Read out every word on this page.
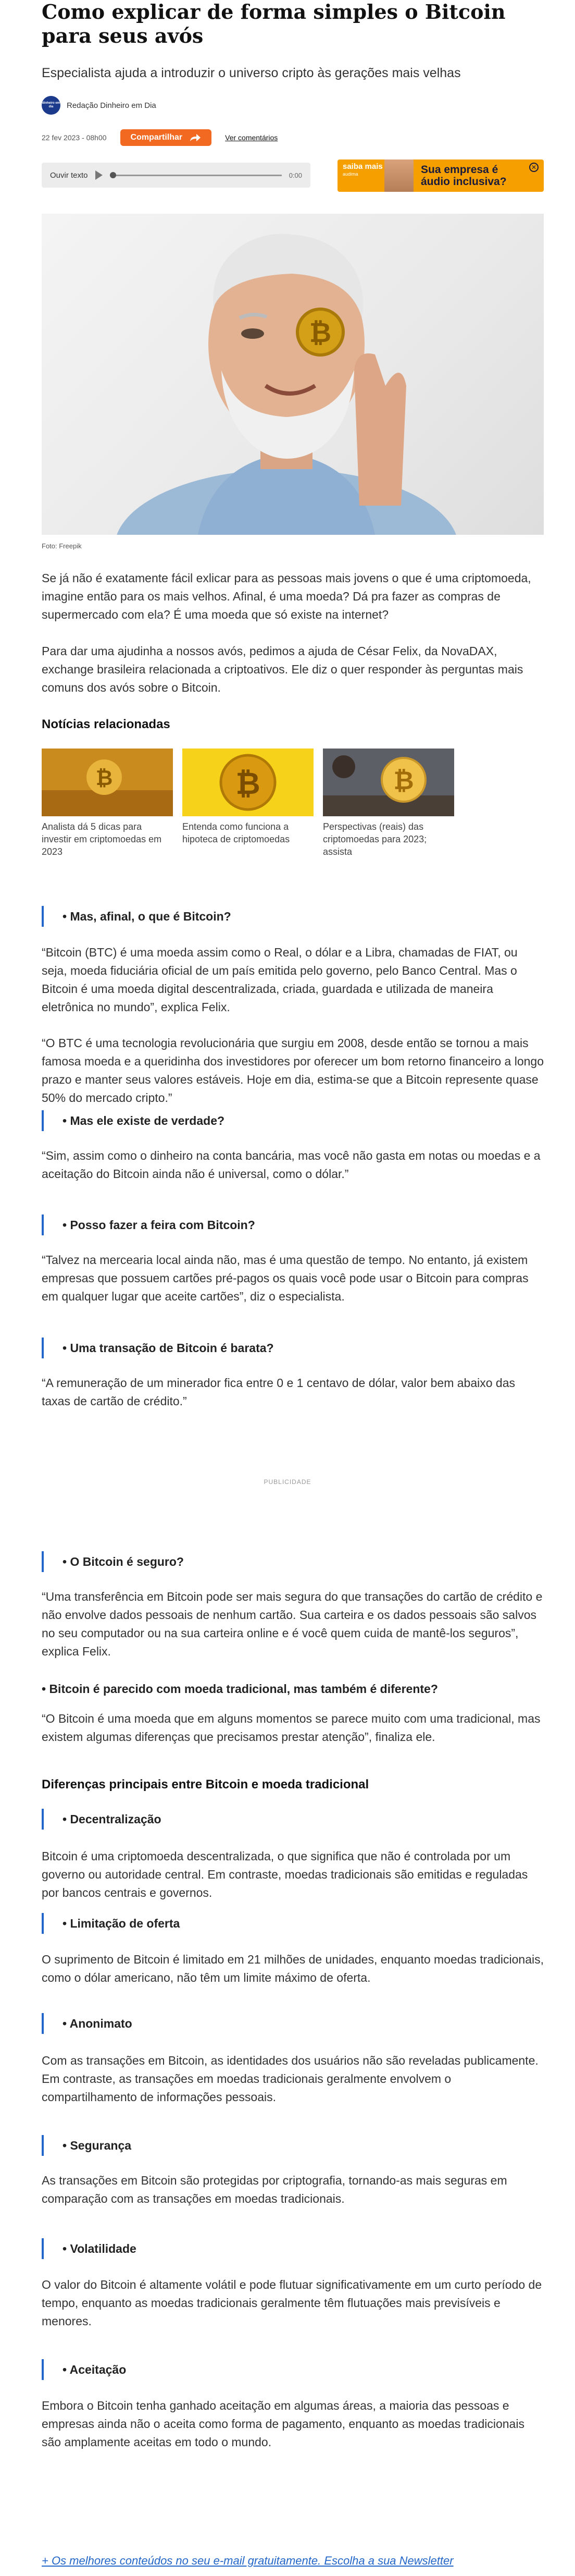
Como explicar de forma simples o Bitcoin para seus avós
Especialista ajuda a introduzir o universo cripto às gerações mais velhas
dinheiro em dia	Redação Dinheiro em Dia
22 fev 2023 - 08h00	Compartilhar	Ver comentários
Ouvir texto	0:00
saiba mais
audima	Sua empresa é áudio inclusiva?
✕
₿
Foto: Freepik
Se já não é exatamente fácil exlicar para as pessoas mais jovens o que é uma criptomoeda, imagine então para os mais velhos. Afinal, é uma moeda? Dá pra fazer as compras de supermercado com ela? É uma moeda que só existe na internet?
Para dar uma ajudinha a nossos avós, pedimos a ajuda de César Felix, da NovaDAX, exchange brasileira relacionada a criptoativos. Ele diz o quer responder às perguntas mais comuns dos avós sobre o Bitcoin.
Notícias relacionadas
₿
Analista dá 5 dicas para investir em criptomoedas em 2023
₿
Entenda como funciona a hipoteca de criptomoedas
₿
Perspectivas (reais) das criptomoedas para 2023; assista
• Mas, afinal, o que é Bitcoin?
“Bitcoin (BTC) é uma moeda assim como o Real, o dólar e a Libra, chamadas de FIAT, ou seja, moeda fiduciária oficial de um país emitida pelo governo, pelo Banco Central. Mas o Bitcoin é uma moeda digital descentralizada, criada, guardada e utilizada de maneira eletrônica no mundo”, explica Felix.
“O BTC é uma tecnologia revolucionária que surgiu em 2008, desde então se tornou a mais famosa moeda e a queridinha dos investidores por oferecer um bom retorno financeiro a longo prazo e manter seus valores estáveis. Hoje em dia, estima-se que a Bitcoin represente quase 50% do mercado cripto.”
• Mas ele existe de verdade?
“Sim, assim como o dinheiro na conta bancária, mas você não gasta em notas ou moedas e a aceitação do Bitcoin ainda não é universal, como o dólar.”
• Posso fazer a feira com Bitcoin?
“Talvez na mercearia local ainda não, mas é uma questão de tempo. No entanto, já existem empresas que possuem cartões pré-pagos os quais você pode usar o Bitcoin para compras em qualquer lugar que aceite cartões”, diz o especialista.
• Uma transação de Bitcoin é barata?
“A remuneração de um minerador fica entre 0 e 1 centavo de dólar, valor bem abaixo das taxas de cartão de crédito.”
PUBLICIDADE
• O Bitcoin é seguro?
“Uma transferência em Bitcoin pode ser mais segura do que transações do cartão de crédito e não envolve dados pessoais de nenhum cartão. Sua carteira e os dados pessoais são salvos no seu computador ou na sua carteira online e é você quem cuida de mantê-los seguros”, explica Felix.
• Bitcoin é parecido com moeda tradicional, mas também é diferente?
“O Bitcoin é uma moeda que em alguns momentos se parece muito com uma tradicional, mas existem algumas diferenças que precisamos prestar atenção”, finaliza ele.
Diferenças principais entre Bitcoin e moeda tradicional
• Decentralização
Bitcoin é uma criptomoeda descentralizada, o que significa que não é controlada por um governo ou autoridade central. Em contraste, moedas tradicionais são emitidas e reguladas por bancos centrais e governos.
• Limitação de oferta
O suprimento de Bitcoin é limitado em 21 milhões de unidades, enquanto moedas tradicionais, como o dólar americano, não têm um limite máximo de oferta.
• Anonimato
Com as transações em Bitcoin, as identidades dos usuários não são reveladas publicamente. Em contraste, as transações em moedas tradicionais geralmente envolvem o compartilhamento de informações pessoais.
• Segurança
As transações em Bitcoin são protegidas por criptografia, tornando-as mais seguras em comparação com as transações em moedas tradicionais.
• Volatilidade
O valor do Bitcoin é altamente volátil e pode flutuar significativamente em um curto período de tempo, enquanto as moedas tradicionais geralmente têm flutuações mais previsíveis e menores.
• Aceitação
Embora o Bitcoin tenha ganhado aceitação em algumas áreas, a maioria das pessoas e empresas ainda não o aceita como forma de pagamento, enquanto as moedas tradicionais são amplamente aceitas em todo o mundo.
+ Os melhores conteúdos no seu e-mail gratuitamente. Escolha a sua Newsletter
